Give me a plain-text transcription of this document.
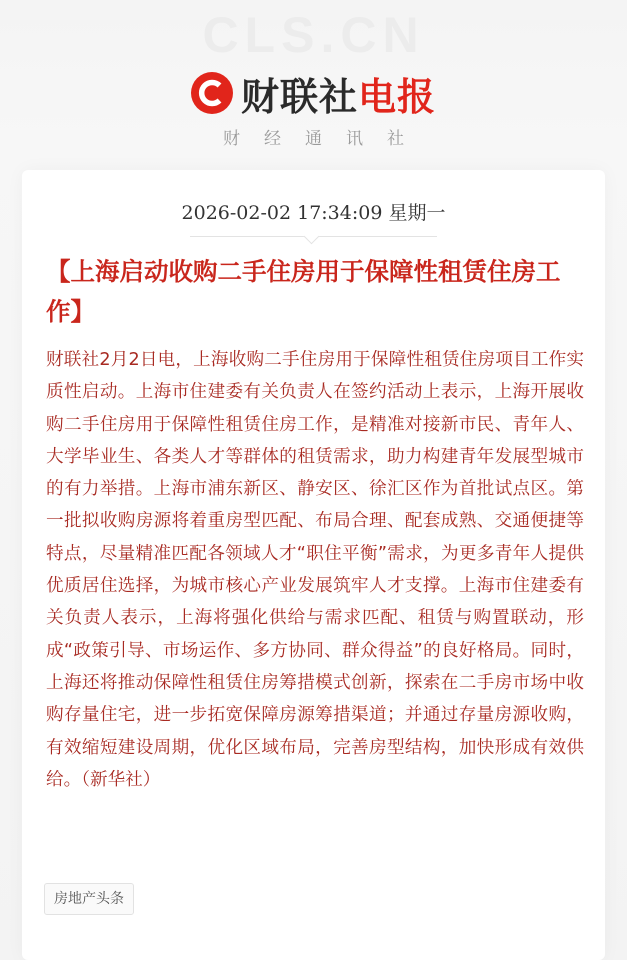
CLS.CN
财联社电报
财经通讯社
2026-02-02 17:34:09 星期一
【上海启动收购二手住房用于保障性租赁住房工作】

财联社2月2日电，上海收购二手住房用于保障性租赁住房项目工作实质性启动。上海市住建委有关负责人在签约活动上表示，上海开展收购二手住房用于保障性租赁住房工作，是精准对接新市民、青年人、大学毕业生、各类人才等群体的租赁需求，助力构建青年发展型城市的有力举措。上海市浦东新区、静安区、徐汇区作为首批试点区。第一批拟收购房源将着重房型匹配、布局合理、配套成熟、交通便捷等特点，尽量精准匹配各领域人才“职住平衡”需求，为更多青年人提供优质居住选择，为城市核心产业发展筑牢人才支撑。上海市住建委有关负责人表示，上海将强化供给与需求匹配、租赁与购置联动，形成“政策引导、市场运作、多方协同、群众得益”的良好格局。同时，上海还将推动保障性租赁住房筹措模式创新，探索在二手房市场中收购存量住宅，进一步拓宽保障房源筹措渠道；并通过存量房源收购，有效缩短建设周期，优化区域布局，完善房型结构，加快形成有效供给。（新华社）

房地产头条
